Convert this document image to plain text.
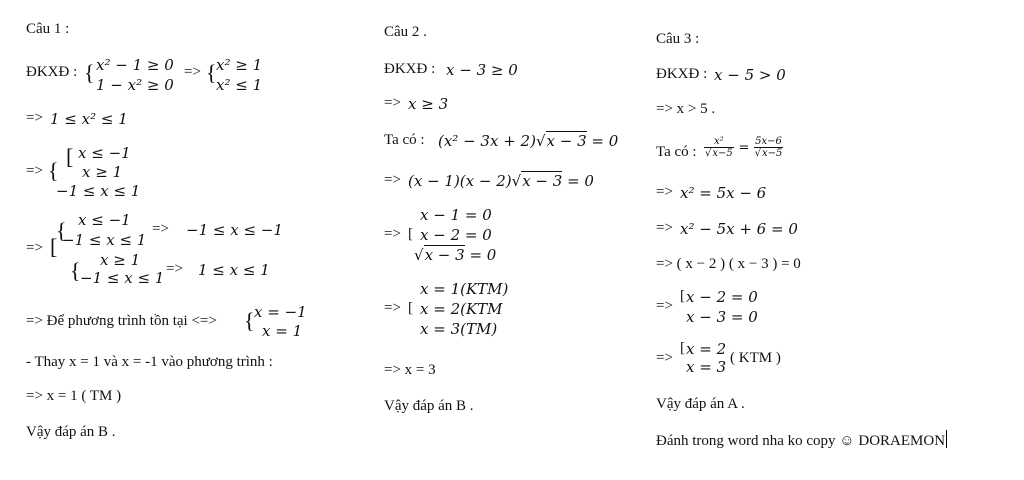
Câu 1 :
ĐKXĐ : { x² − 1 ≥ 0
1 − x² ≥ 0
=> { x² ≥ 1
x² ≤ 1
=> 1 ≤ x² ≤ 1
=> {
[ x ≤ −1
x ≥ 1
−1 ≤ x ≤ 1
=> [
{ x ≤ −1
−1 ≤ x ≤ 1
=> −1 ≤ x ≤ −1
{ x ≥ 1
−1 ≤ x ≤ 1 => 1 ≤ x ≤ 1
=> Để phương trình tồn tại <=> { x = −1
x = 1
- Thay x = 1 và x = -1 vào phương trình :
=> x = 1 ( TM )
Vậy đáp án B .
Câu 2 .
ĐKXĐ : x − 3 ≥ 0
=> x ≥ 3
Ta có : (x² − 3x + 2)√x − 3 = 0
=> (x − 1)(x − 2)√x − 3 = 0
x − 1 = 0
=> [ x − 2 = 0
√x − 3 = 0
x = 1(KTM)
=> [ x = 2(KTM
x = 3(TM)
=> x = 3
Vậy đáp án B .
Câu 3 :
ĐKXĐ : x − 5 > 0
=> x > 5 .
Ta có : $\frac{\text{x²}}{√x-5} = \frac{5x-6}{√x-5}$
=> x² = 5x − 6
=> x² − 5x + 6 = 0
=> ( x − 2 ) ( x − 3 ) = 0
=>
[ x − 2 = 0
x − 3 = 0
=>
[ x = 2
x = 3 ( KTM )
Vậy đáp án A .
Đánh trong word nha ko copy ☺ DORAEMON
